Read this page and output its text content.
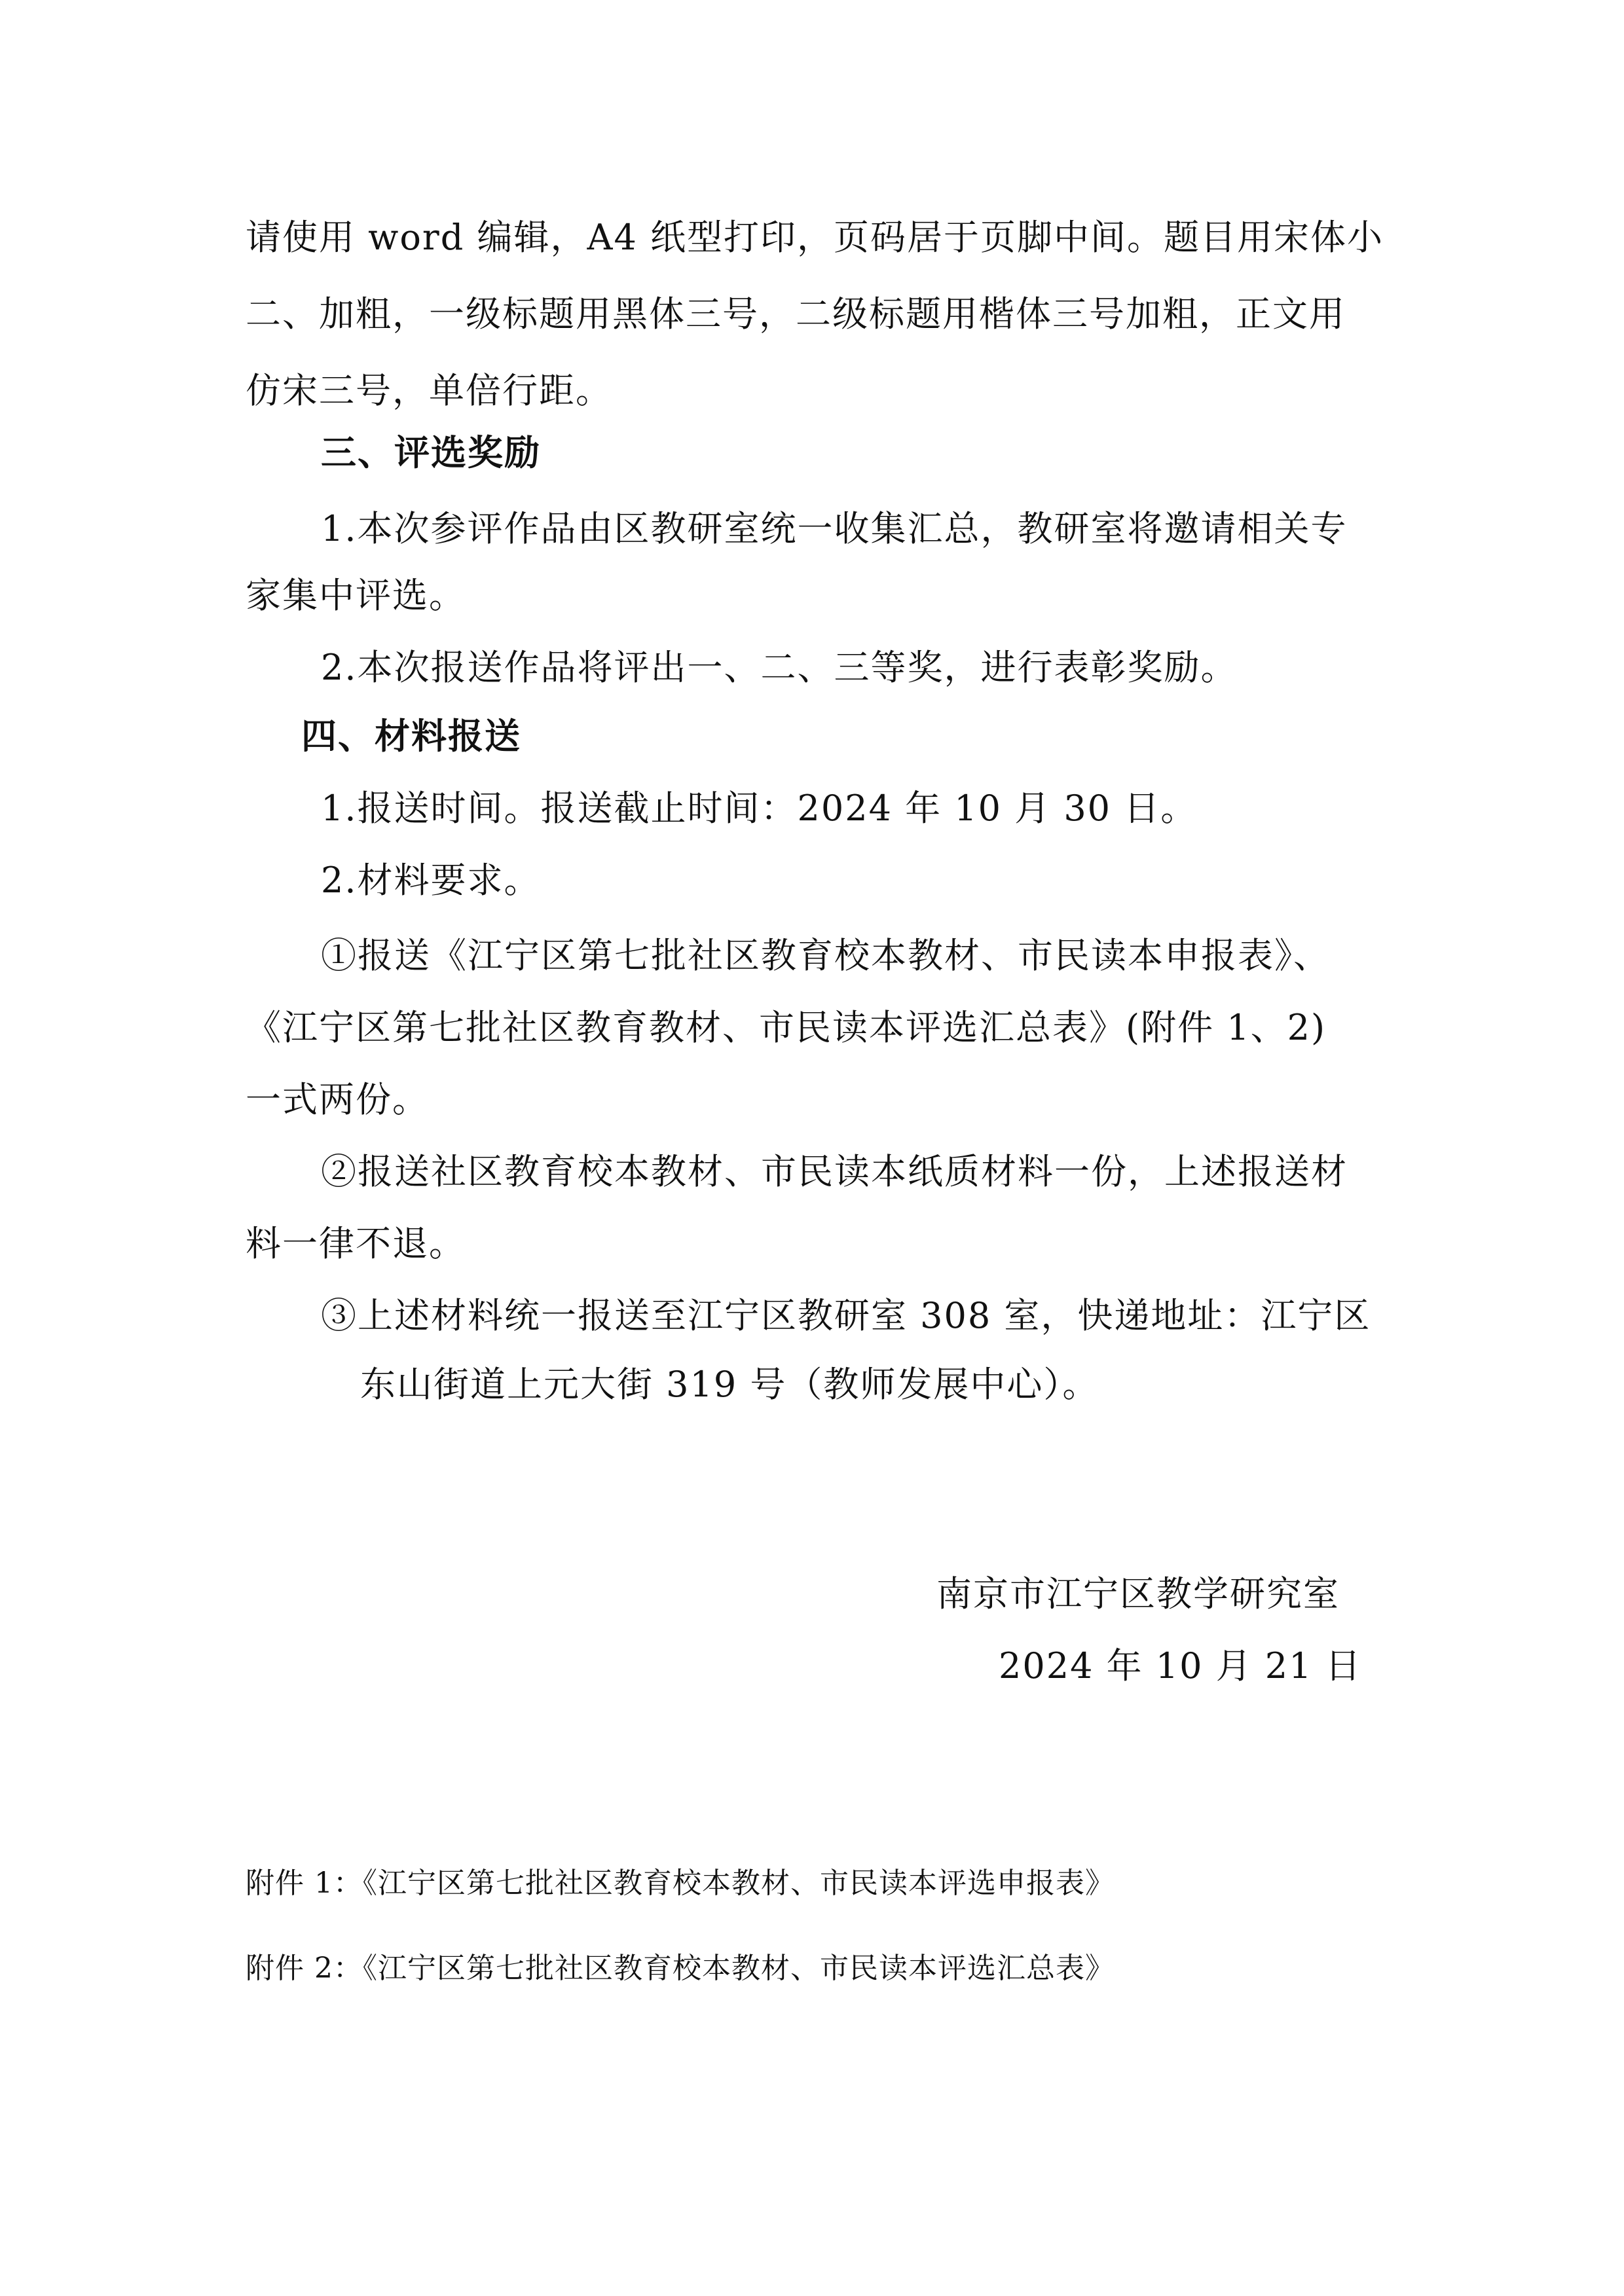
请使用 word 编辑，A4 纸型打印，页码居于页脚中间。题目用宋体小
二、加粗，一级标题用黑体三号，二级标题用楷体三号加粗，正文用
仿宋三号，单倍行距。
三、评选奖励
1.本次参评作品由区教研室统一收集汇总，教研室将邀请相关专
家集中评选。
2.本次报送作品将评出一、二、三等奖，进行表彰奖励。
四、材料报送
1.报送时间。报送截止时间：2024 年 10 月 30 日。
2.材料要求。
①报送《江宁区第七批社区教育校本教材、市民读本申报表》、
《江宁区第七批社区教育教材、市民读本评选汇总表》(附件 1、2)
一式两份。
②报送社区教育校本教材、市民读本纸质材料一份，上述报送材
料一律不退。
③上述材料统一报送至江宁区教研室 308 室，快递地址：江宁区
东山街道上元大街 319 号（教师发展中心）。
南京市江宁区教学研究室
2024 年 10 月 21 日
附件 1：《江宁区第七批社区教育校本教材、市民读本评选申报表》
附件 2：《江宁区第七批社区教育校本教材、市民读本评选汇总表》
